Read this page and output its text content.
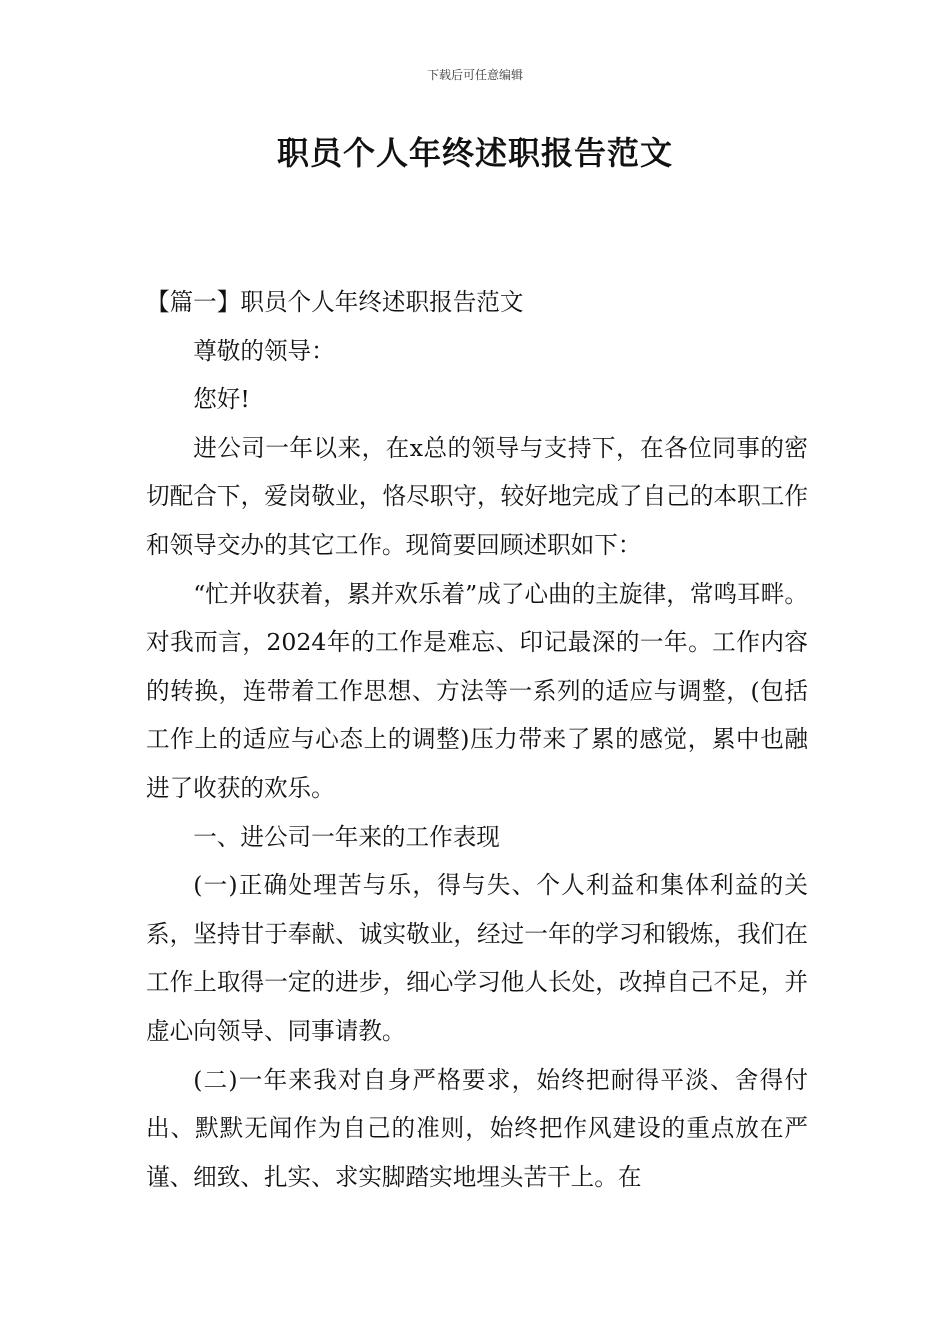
下载后可任意编辑
职员个人年终述职报告范文

【篇一】职员个人年终述职报告范文

尊敬的领导：

您好!

进公司一年以来，在x总的领导与支持下，在各位同事的密切配合下，爱岗敬业，恪尽职守，较好地完成了自己的本职工作和领导交办的其它工作。现简要回顾述职如下：

“忙并收获着，累并欢乐着”成了心曲的主旋律，常鸣耳畔。对我而言，2024年的工作是难忘、印记最深的一年。工作内容的转换，连带着工作思想、方法等一系列的适应与调整，(包括工作上的适应与心态上的调整)压力带来了累的感觉，累中也融进了收获的欢乐。

一、进公司一年来的工作表现

(一)正确处理苦与乐，得与失、个人利益和集体利益的关系，坚持甘于奉献、诚实敬业，经过一年的学习和锻炼，我们在工作上取得一定的进步，细心学习他人长处，改掉自己不足，并虚心向领导、同事请教。

(二)一年来我对自身严格要求，始终把耐得平淡、舍得付出、默默无闻作为自己的准则，始终把作风建设的重点放在严谨、细致、扎实、求实脚踏实地埋头苦干上。在
